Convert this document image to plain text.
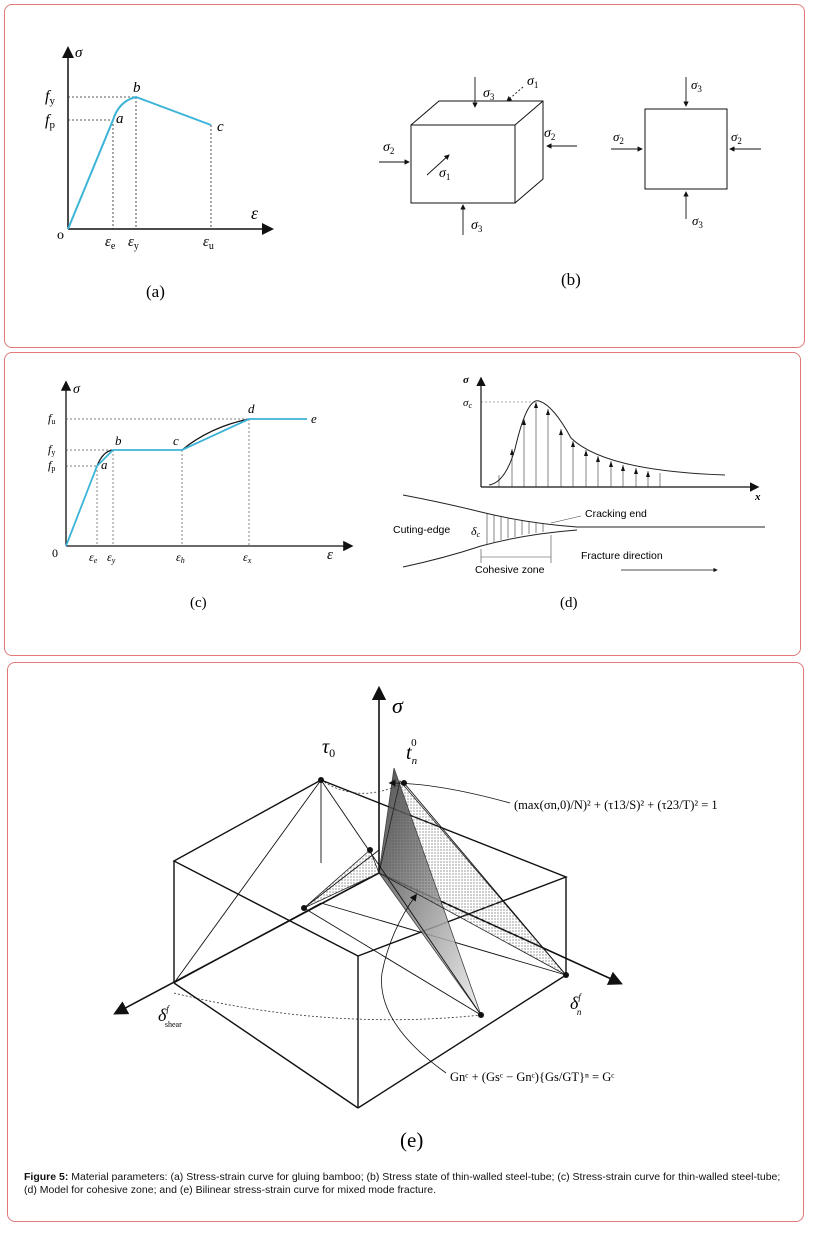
σ
ε
o
fy
fp	a
b
c
$\varepsilon_e$ $\varepsilon_y$	$\varepsilon_u$
(a)
$\sigma_3$
$\sigma_1$
$\sigma_2$
$\sigma_2$
$\sigma_1$
$\sigma_3$
$\sigma_3$
$\sigma_2$	$\sigma_2$
$\sigma_3$
(b)
σ
ε
0
fu
fy
fp	a
b	c
d
e
εe εy	εh	εx
(c)
σ
x
σc
Cuting-edge δc
Cracking end
Cohesive zone
Fracture direction
(d)
σ
$\tau_0$	$t_n0$
$\delta^f$ shear
$\delta^f$ n
(max(σn,0)/N)² + (τ13/S)² + (τ23/T)² = 1
Gnᶜ + (Gsᶜ − Gnᶜ){Gs/GT}ⁿ = Gᶜ
(e)
Figure 5: Material parameters: (a) Stress-strain curve for gluing bamboo; (b) Stress state of thin-walled steel-tube; (c) Stress-strain curve for thin-walled steel-tube; (d) Model for cohesive zone; and (e) Bilinear stress-strain curve for mixed mode fracture.
